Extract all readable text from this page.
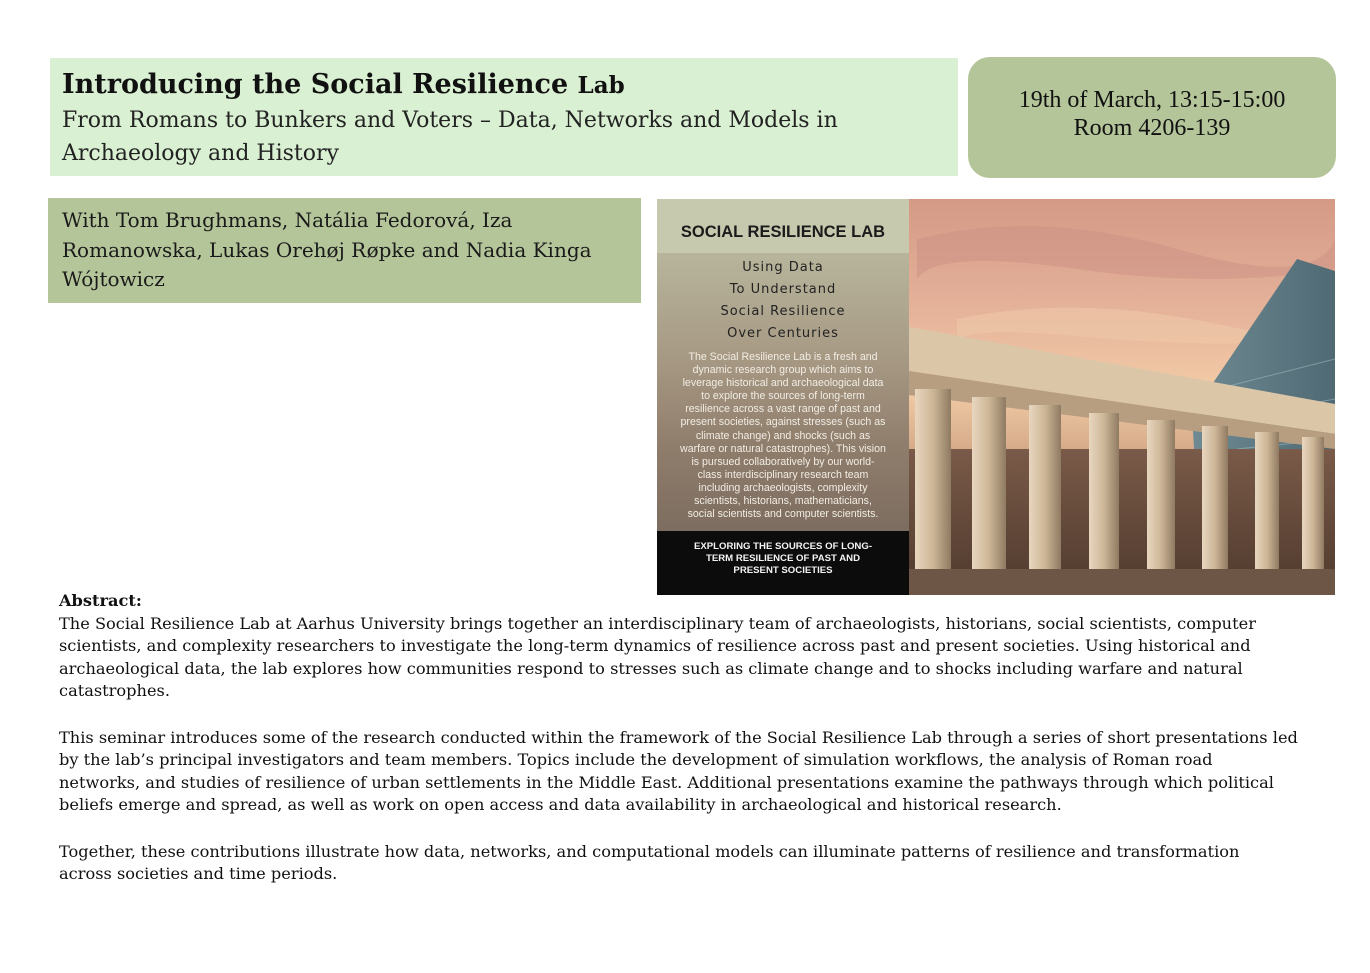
Introducing the Social Resilience Lab
From Romans to Bunkers and Voters – Data, Networks and Models in
Archaeology and History
19th of March, 13:15-15:00
Room 4206-139
With Tom Brughmans, Natália Fedorová, Iza Romanowska, Lukas Orehøj Røpke and Nadia Kinga Wójtowicz
SOCIAL RESILIENCE LAB
Using Data
To Understand
Social Resilience
Over Centuries
The Social Resilience Lab is a fresh and
dynamic research group which aims to
leverage historical and archaeological data
to explore the sources of long-term
resilience across a vast range of past and
present societies, against stresses (such as
climate change) and shocks (such as
warfare or natural catastrophes). This vision
is pursued collaboratively by our world-
class interdisciplinary research team
including archaeologists, complexity
scientists, historians, mathematicians,
social scientists and computer scientists.
EXPLORING THE SOURCES OF LONG-
TERM RESILIENCE OF PAST AND
PRESENT SOCIETIES
Abstract:
The Social Resilience Lab at Aarhus University brings together an interdisciplinary team of archaeologists, historians, social scientists, computer
scientists, and complexity researchers to investigate the long-term dynamics of resilience across past and present societies. Using historical and
archaeological data, the lab explores how communities respond to stresses such as climate change and to shocks including warfare and natural
catastrophes.
This seminar introduces some of the research conducted within the framework of the Social Resilience Lab through a series of short presentations led
by the lab’s principal investigators and team members. Topics include the development of simulation workflows, the analysis of Roman road
networks, and studies of resilience of urban settlements in the Middle East. Additional presentations examine the pathways through which political
beliefs emerge and spread, as well as work on open access and data availability in archaeological and historical research.
Together, these contributions illustrate how data, networks, and computational models can illuminate patterns of resilience and transformation
across societies and time periods.
